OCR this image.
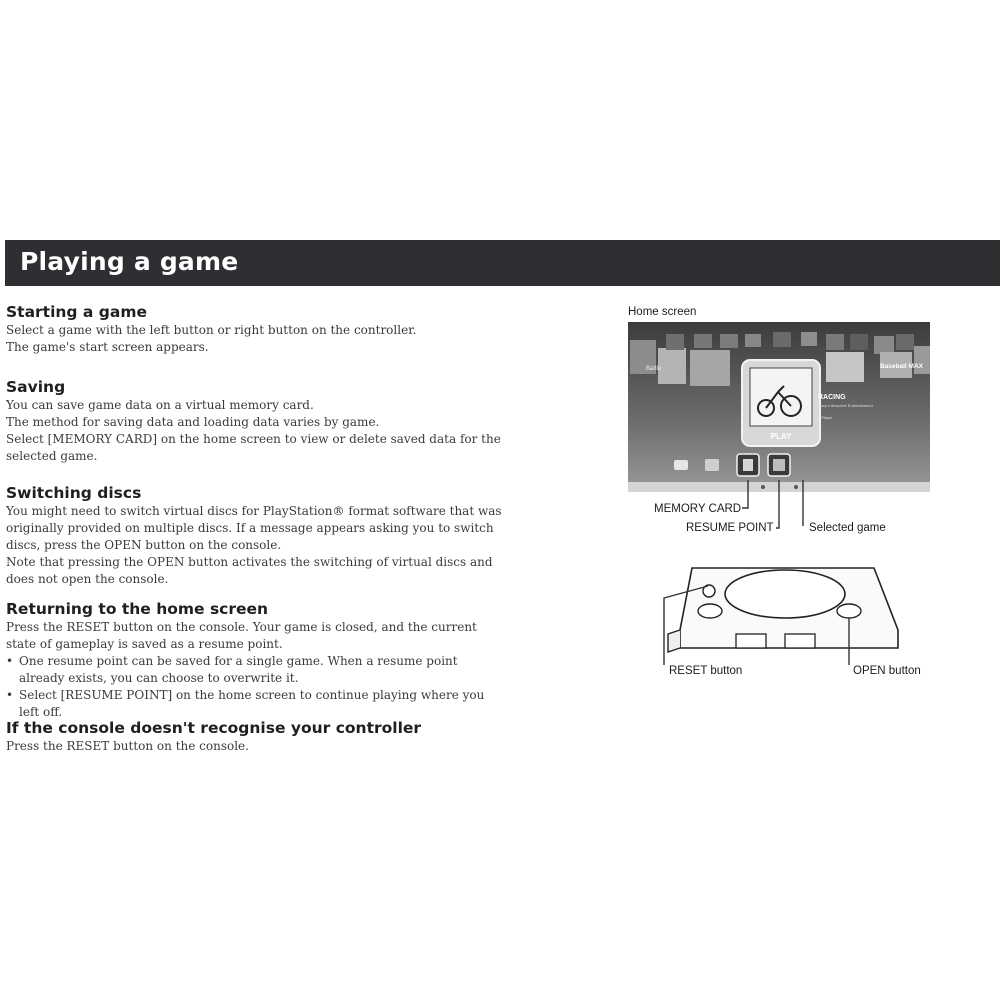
Playing a game
Starting a game

Select a game with the left button or right button on the controller.

The game's start screen appears.

Saving

You can save game data on a virtual memory card.

The method for saving data and loading data varies by game.

Select [MEMORY CARD] on the home screen to view or delete saved data for the selected game.

Switching discs

You might need to switch virtual discs for PlayStation® format software that was originally provided on multiple discs. If a message appears asking you to switch discs, press the OPEN button on the console.

Note that pressing the OPEN button activates the switching of virtual discs and does not open the console.

Returning to the home screen

Press the RESET button on the console. Your game is closed, and the current state of gameplay is saved as a resume point.

• One resume point can be saved for a single game. When a resume point already exists, you can choose to overwrite it.
• Select [RESUME POINT] on the home screen to continue playing where you left off.
If the console doesn't recognise your controller

Press the RESET button on the console.

Home screen
Battle	Baseball MAX
PLAY
RACING
Sony Interactive Entertainment
1 Player
MEMORY CARD
RESUME POINT	Selected game
RESET button	OPEN button
